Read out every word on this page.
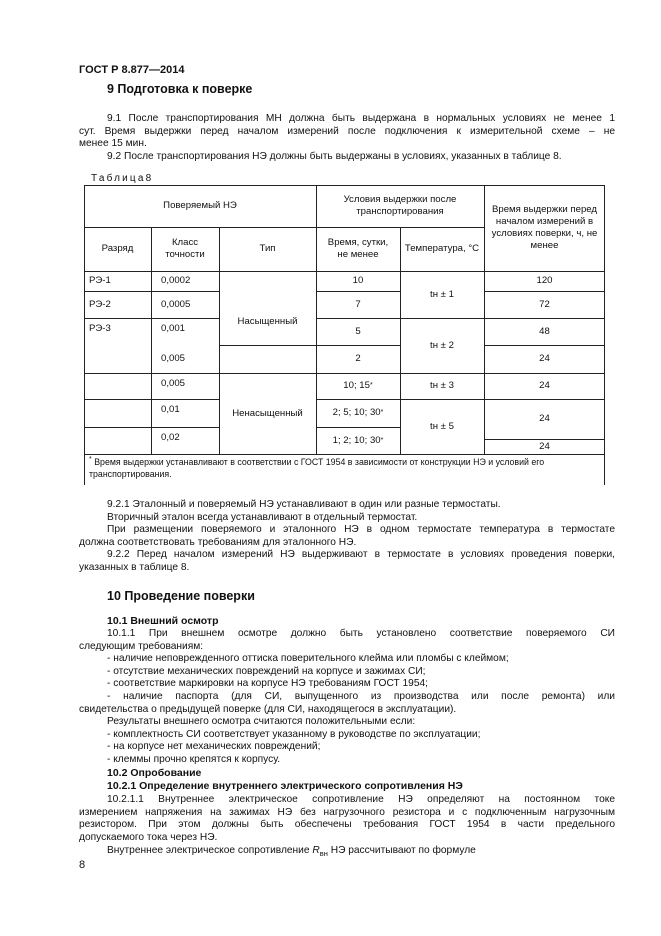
ГОСТ Р 8.877—2014
9 Подготовка к поверке
9.1 После транспортирования МН должна быть выдержана в нормальных условиях не менее 1
сут. Время выдержки перед началом измерений после подключения к измерительной схеме – не
менее 15 мин.
9.2 После транспортирования НЭ должны быть выдержаны в условиях, указанных в таблице 8.
Таблица8
Поверяемый НЭ
Условия выдержки после транспортирования	Время выдержки перед началом измерений в условиях поверки, ч, не менее
Разряд
Класс точности
Тип
Время, сутки, не менее
Температура, °С
РЭ-1
РЭ-2
РЭ-3
0,0002
0,0005
0,001
0,005
0,005
0,01
0,02
Насыщенный
Ненасыщенный
10
7
5
2
10; 15 *
2; 5; 10; 30 *
1; 2; 10; 30 *
tн ± 1
tн ± 2
tн ± 3
tн ± 5
120
72
48
24
24
24
24
* Время выдержки устанавливают в соответствии с ГОСТ 1954 в зависимости от конструкции НЭ и условий его транспортирования.
9.2.1 Эталонный и поверяемый НЭ устанавливают в один или разные термостаты.
Вторичный эталон всегда устанавливают в отдельный термостат.
При размещении поверяемого и эталонного НЭ в одном термостате температура в термостате
должна соответствовать требованиям для эталонного НЭ.
9.2.2 Перед началом измерений НЭ выдерживают в термостате в условиях проведения поверки,
указанных в таблице 8.
10 Проведение поверки
10.1 Внешний осмотр
10.1.1 При внешнем осмотре должно быть установлено соответствие поверяемого СИ
следующим требованиям:
- наличие неповрежденного оттиска поверительного клейма или пломбы с клеймом;
- отсутствие механических повреждений на корпусе и зажимах СИ;
- соответствие маркировки на корпусе НЭ требованиям ГОСТ 1954;
- наличие паспорта (для СИ, выпущенного из производства или после ремонта) или
свидетельства о предыдущей поверке (для СИ, находящегося в эксплуатации).
Результаты внешнего осмотра считаются положительными если:
- комплектность СИ соответствует указанному в руководстве по эксплуатации;
- на корпусе нет механических повреждений;
- клеммы прочно крепятся к корпусу.
10.2 Опробование
10.2.1 Определение внутреннего электрического сопротивления НЭ
10.2.1.1 Внутреннее электрическое сопротивление НЭ определяют на постоянном токе
измерением напряжения на зажимах НЭ без нагрузочного резистора и с подключенным нагрузочным
резистором. При этом должны быть обеспечены требования ГОСТ 1954 в части предельного
допускаемого тока через НЭ.
Внутреннее электрическое сопротивление $R_{вн}$ НЭ рассчитывают по формуле
8
